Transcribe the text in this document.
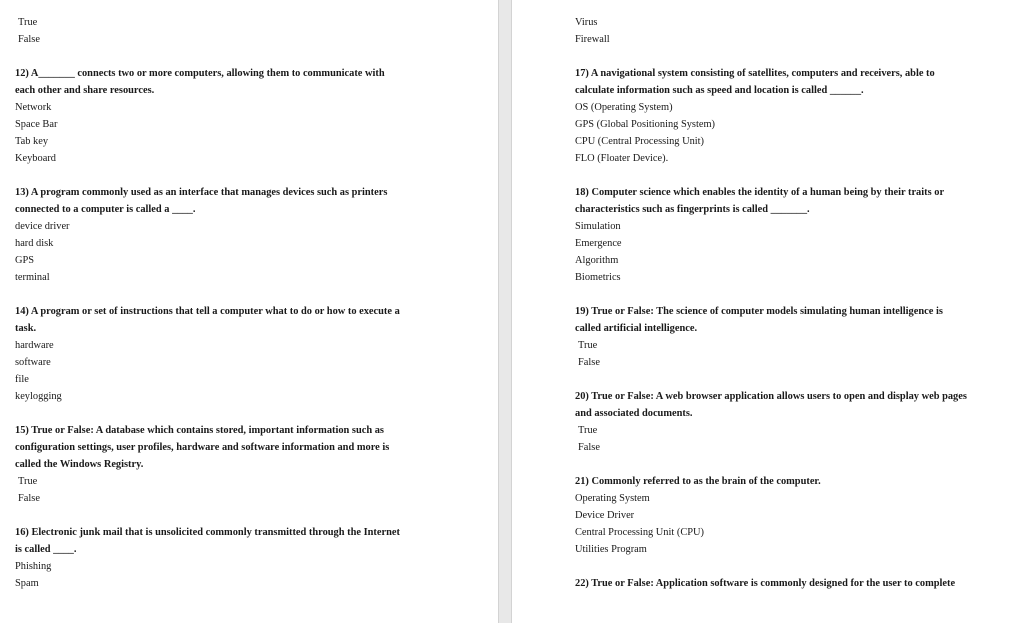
True
False
12) A_______ connects two or more computers, allowing them to communicate with
each other and share resources.
Network
Space Bar
Tab key
Keyboard
13) A program commonly used as an interface that manages devices such as printers
connected to a computer is called a ____.
device driver
hard disk
GPS
terminal
14) A program or set of instructions that tell a computer what to do or how to execute a
task.
hardware
software
file
keylogging
15) True or False: A database which contains stored, important information such as
configuration settings, user profiles, hardware and software information and more is
called the Windows Registry.
True
False
16) Electronic junk mail that is unsolicited commonly transmitted through the Internet
is called ____.
Phishing
Spam
Virus
Firewall
17) A navigational system consisting of satellites, computers and receivers, able to
calculate information such as speed and location is called ______.
OS (Operating System)
GPS (Global Positioning System)
CPU (Central Processing Unit)
FLO (Floater Device).
18) Computer science which enables the identity of a human being by their traits or
characteristics such as fingerprints is called _______.
Simulation
Emergence
Algorithm
Biometrics
19) True or False: The science of computer models simulating human intelligence is
called artificial intelligence.
True
False
20) True or False: A web browser application allows users to open and display web pages
and associated documents.
True
False
21) Commonly referred to as the brain of the computer.
Operating System
Device Driver
Central Processing Unit (CPU)
Utilities Program
22) True or False: Application software is commonly designed for the user to complete
